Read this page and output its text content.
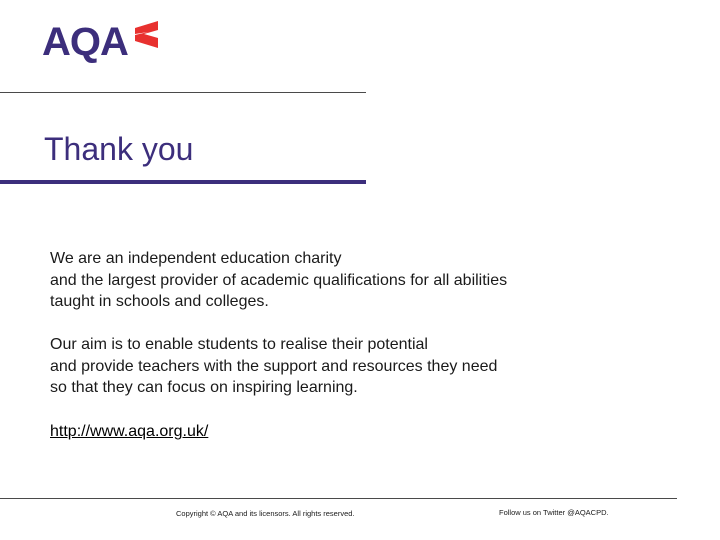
AQA
Thank you

We are an independent education charity
and the largest provider of academic qualifications for all abilities
taught in schools and colleges.

Our aim is to enable students to realise their potential
and provide teachers with the support and resources they need
so that they can focus on inspiring learning.

http://www.aqa.org.uk/
Copyright © AQA and its licensors. All rights reserved.	Follow us on Twitter @AQACPD.
